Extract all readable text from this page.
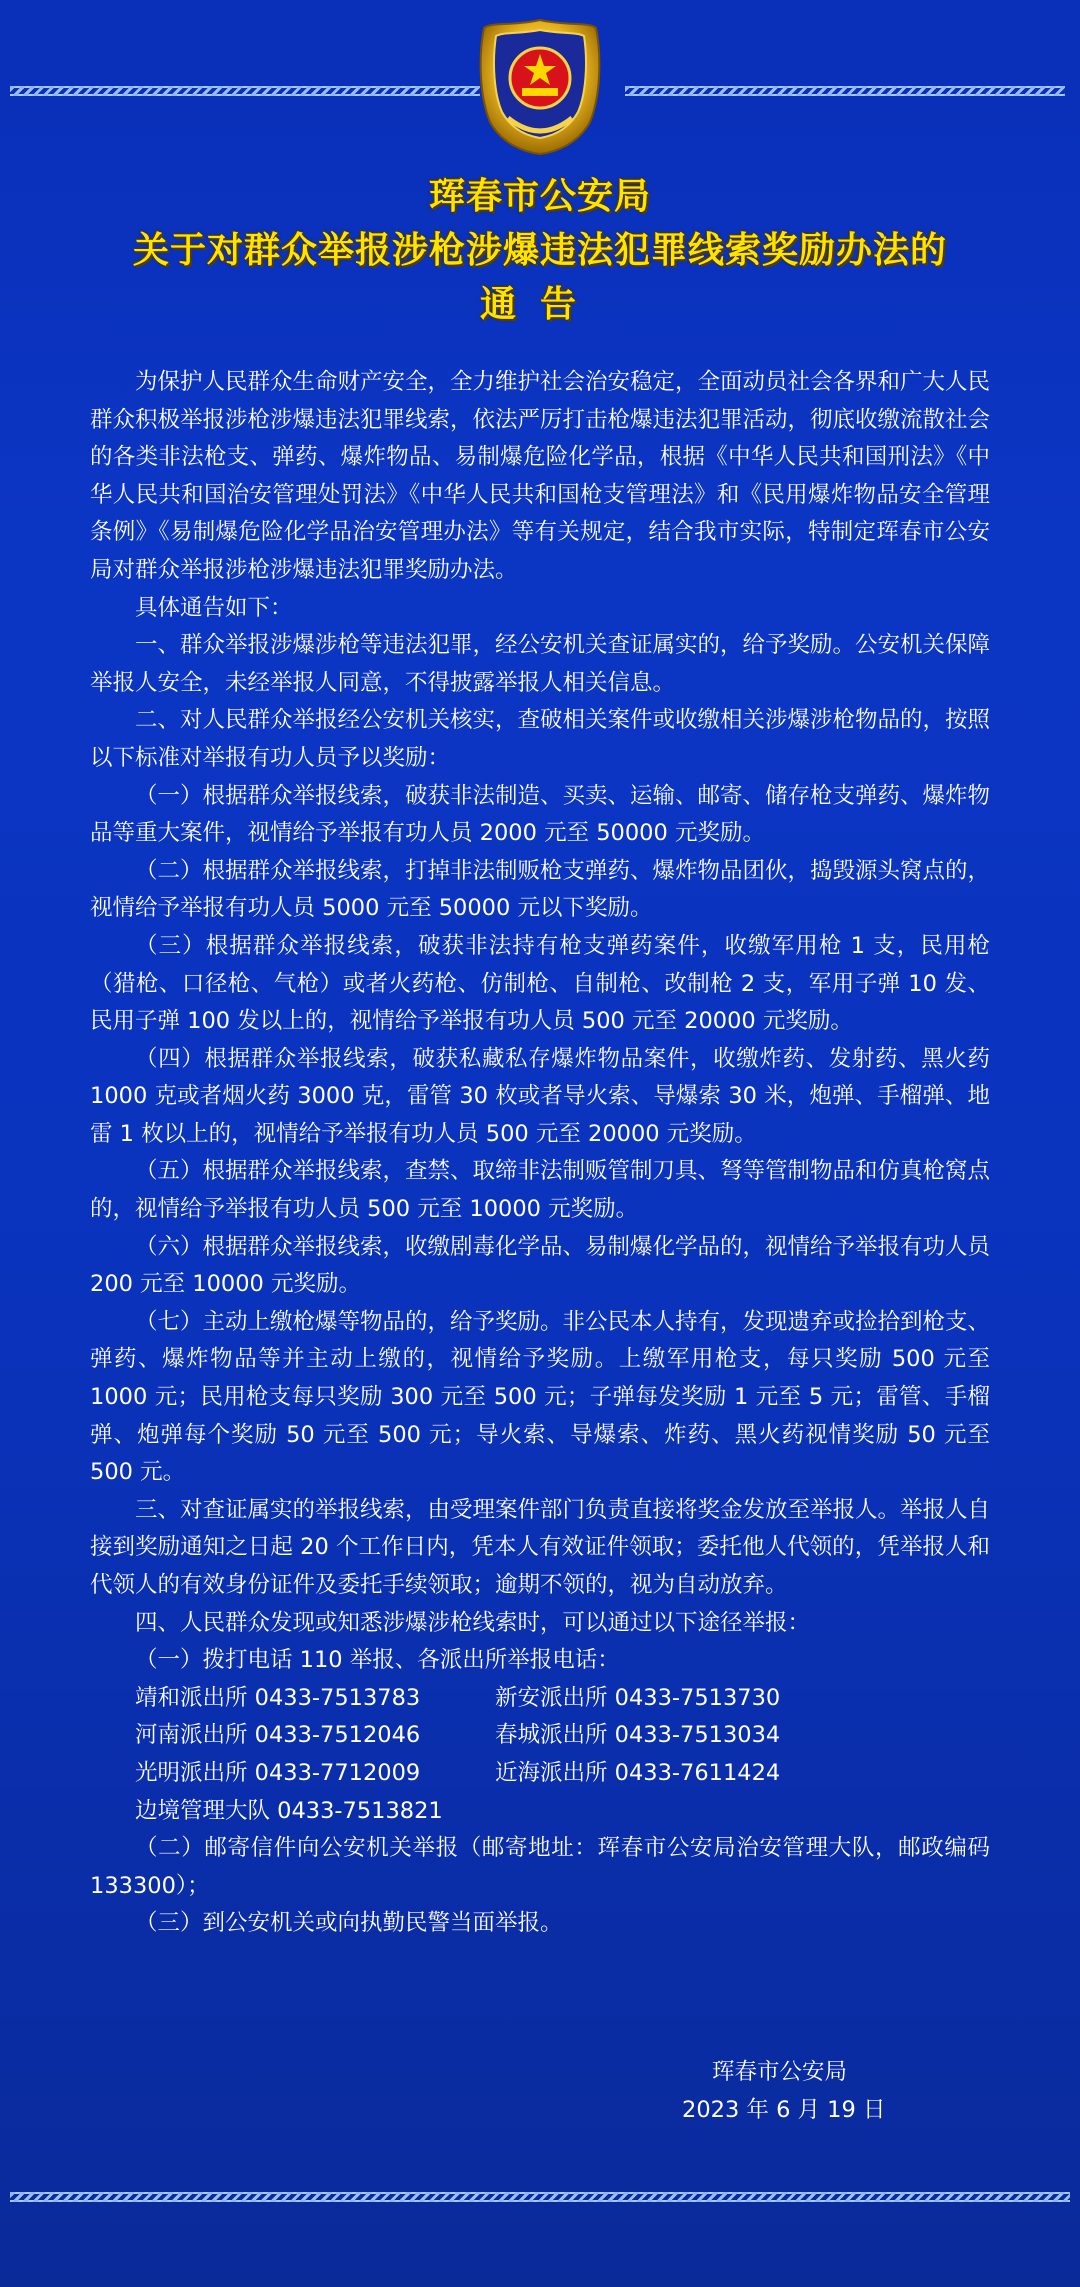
珲春市公安局
关于对群众举报涉枪涉爆违法犯罪线索奖励办法的
通告

为保护人民群众生命财产安全，全力维护社会治安稳定，全面动员社会各界和广大人民群众积极举报涉枪涉爆违法犯罪线索，依法严厉打击枪爆违法犯罪活动，彻底收缴流散社会的各类非法枪支、弹药、爆炸物品、易制爆危险化学品，根据《中华人民共和国刑法》《中华人民共和国治安管理处罚法》《中华人民共和国枪支管理法》和《民用爆炸物品安全管理条例》《易制爆危险化学品治安管理办法》等有关规定，结合我市实际，特制定珲春市公安局对群众举报涉枪涉爆违法犯罪奖励办法。

具体通告如下：

一、群众举报涉爆涉枪等违法犯罪，经公安机关查证属实的，给予奖励。公安机关保障举报人安全，未经举报人同意，不得披露举报人相关信息。

二、对人民群众举报经公安机关核实，查破相关案件或收缴相关涉爆涉枪物品的，按照以下标准对举报有功人员予以奖励：

（一）根据群众举报线索，破获非法制造、买卖、运输、邮寄、储存枪支弹药、爆炸物品等重大案件，视情给予举报有功人员 2000 元至 50000 元奖励。

（二）根据群众举报线索，打掉非法制贩枪支弹药、爆炸物品团伙，捣毁源头窝点的，视情给予举报有功人员 5000 元至 50000 元以下奖励。

（三）根据群众举报线索，破获非法持有枪支弹药案件，收缴军用枪 1 支，民用枪（猎枪、口径枪、气枪）或者火药枪、仿制枪、自制枪、改制枪 2 支，军用子弹 10 发、民用子弹 100 发以上的，视情给予举报有功人员 500 元至 20000 元奖励。

（四）根据群众举报线索，破获私藏私存爆炸物品案件，收缴炸药、发射药、黑火药 1000 克或者烟火药 3000 克，雷管 30 枚或者导火索、导爆索 30 米，炮弹、手榴弹、地雷 1 枚以上的，视情给予举报有功人员 500 元至 20000 元奖励。

（五）根据群众举报线索，查禁、取缔非法制贩管制刀具、弩等管制物品和仿真枪窝点的，视情给予举报有功人员 500 元至 10000 元奖励。

（六）根据群众举报线索，收缴剧毒化学品、易制爆化学品的，视情给予举报有功人员 200 元至 10000 元奖励。

（七）主动上缴枪爆等物品的，给予奖励。非公民本人持有，发现遗弃或捡拾到枪支、弹药、爆炸物品等并主动上缴的，视情给予奖励。上缴军用枪支，每只奖励 500 元至 1000 元；民用枪支每只奖励 300 元至 500 元；子弹每发奖励 1 元至 5 元；雷管、手榴弹、炮弹每个奖励 50 元至 500 元；导火索、导爆索、炸药、黑火药视情奖励 50 元至 500 元。

三、对查证属实的举报线索，由受理案件部门负责直接将奖金发放至举报人。举报人自接到奖励通知之日起 20 个工作日内，凭本人有效证件领取；委托他人代领的，凭举报人和代领人的有效身份证件及委托手续领取；逾期不领的，视为自动放弃。

四、人民群众发现或知悉涉爆涉枪线索时，可以通过以下途径举报：

（一）拨打电话 110 举报、各派出所举报电话：

靖和派出所 0433-7513783	新安派出所 0433-7513730
河南派出所 0433-7512046	春城派出所 0433-7513034
光明派出所 0433-7712009	近海派出所 0433-7611424
边境管理大队 0433-7513821

（二）邮寄信件向公安机关举报（邮寄地址：珲春市公安局治安管理大队，邮政编码 133300）；

（三）到公安机关或向执勤民警当面举报。

珲春市公安局
2023 年 6 月 19 日
